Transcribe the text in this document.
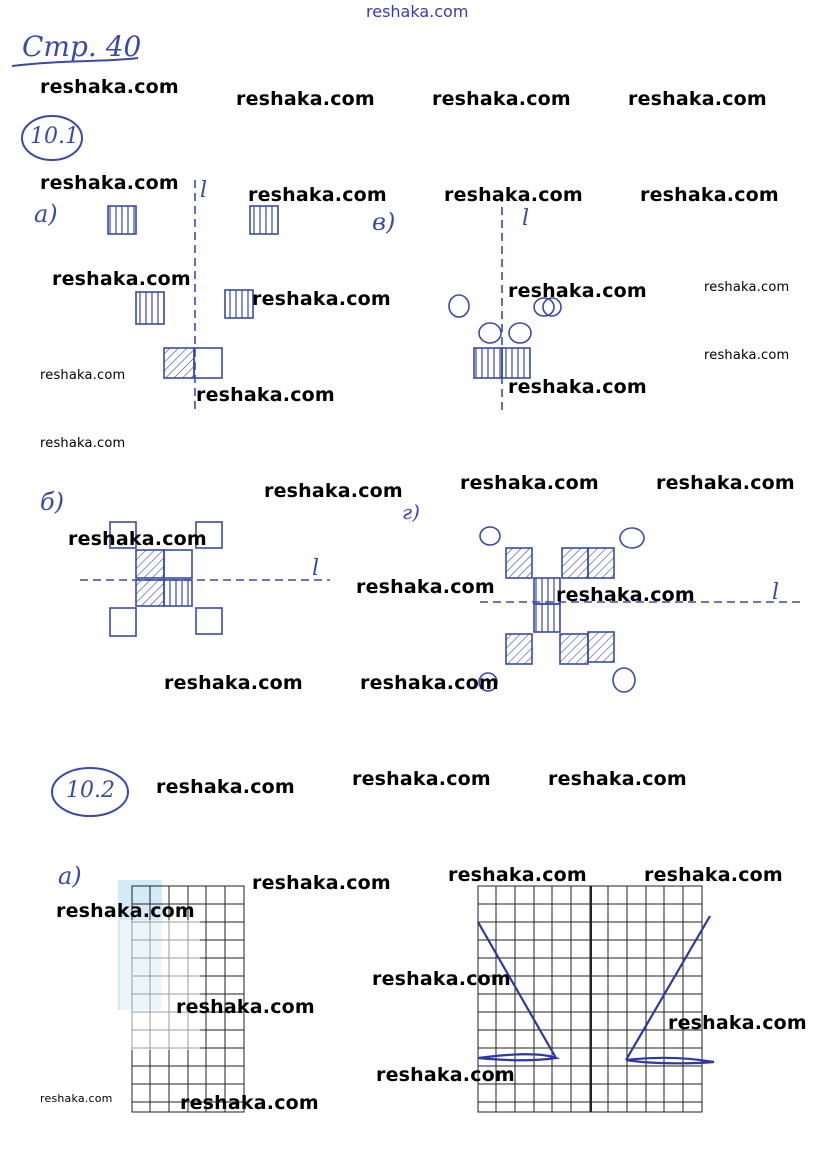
reshaka.com
Стр. 40
10.1
10.2
а)	в)
б)	г)
а)
l
l
l
l
reshaka.com
reshaka.com	reshaka.com	reshaka.com
reshaka.com
reshaka.com	reshaka.com	reshaka.com
reshaka.com
reshaka.com	reshaka.com	reshaka.com
reshaka.com
reshaka.com
reshaka.com
reshaka.com
reshaka.com
reshaka.com	reshaka.com
reshaka.com
reshaka.com
reshaka.com	reshaka.com
reshaka.com	reshaka.com
reshaka.com	reshaka.com
reshaka.com
reshaka.com	reshaka.com
reshaka.com
reshaka.com
reshaka.com
reshaka.com
reshaka.com
reshaka.com
reshaka.com	reshaka.com
